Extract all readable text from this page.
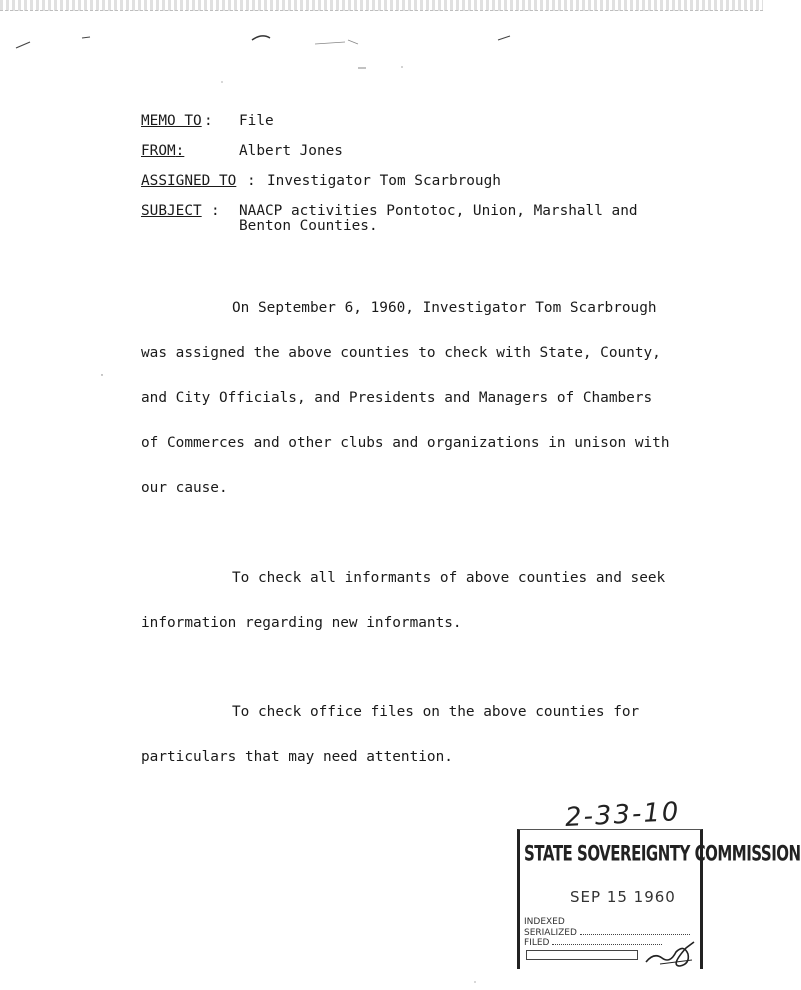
MEMO TO : File
FROM:	Albert Jones
ASSIGNED TO : Investigator Tom Scarbrough
SUBJECT : NAACP activities Pontotoc, Union, Marshall and
Benton Counties.

On September 6, 1960, Investigator Tom Scarbrough

was assigned the above counties to check with State, County,

and City Officials, and Presidents and Managers of Chambers

of Commerces and other clubs and organizations in unison with

our cause.

To check all informants of above counties and seek

information regarding new informants.

To check office files on the above counties for

particulars that may need attention.

2-33-10
STATE SOVEREIGNTY COMMISSION
SEP 15 1960
INDEXED
SERIALIZED
FILED
